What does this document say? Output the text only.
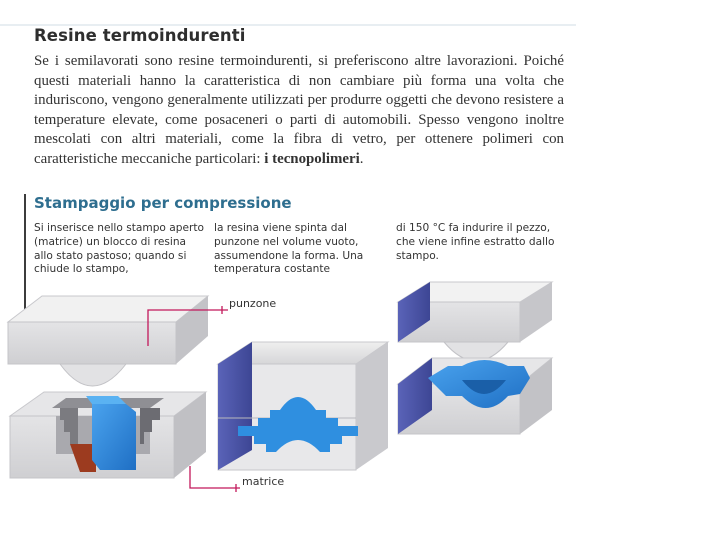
Resine termoindurenti

Se i semilavorati sono resine termoindurenti, si preferiscono altre lavorazioni. Poiché questi materiali hanno la caratteristica di non cambiare più forma una volta che induriscono, vengono generalmente utilizzati per produrre oggetti che devono resistere a temperature elevate, come posaceneri o parti di automobili. Spesso vengono inoltre mescolati con altri materiali, come la fibra di vetro, per ottenere polimeri con caratteristiche meccaniche particolari: i tecnopolimeri.

Stampaggio per compressione
Si inserisce nello stampo aperto (matrice) un blocco di resina allo stato pastoso; quando si chiude lo stampo,
la resina viene spinta dal punzone nel volume vuoto, assumendone la forma. Una temperatura costante
di 150 °C fa indurire il pezzo, che viene infine estratto dallo stampo.
punzone
matrice
